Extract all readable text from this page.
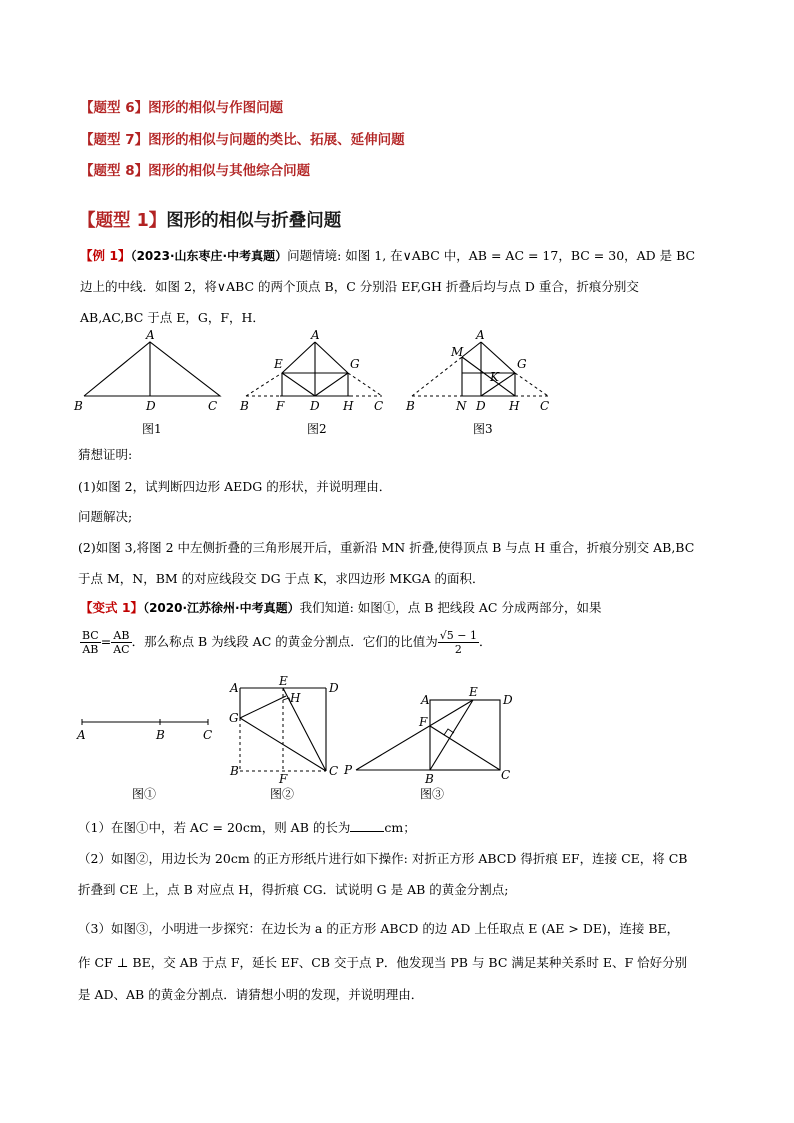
【题型 6】图形的相似与作图问题
【题型 7】图形的相似与问题的类比、拓展、延伸问题
【题型 8】图形的相似与其他综合问题
【题型 1】图形的相似与折叠问题
【例 1】（2023·山东枣庄·中考真题）问题情境: 如图 1, 在∨ABC 中，AB = AC = 17，BC = 30，AD 是 BC
边上的中线．如图 2，将∨ABC 的两个顶点 B，C 分别沿 EF,GH 折叠后均与点 D 重合，折痕分别交
AB,AC,BC 于点 E，G，F，H．
A
B	D	C
图1
A
E	G
B F D H C
图2
A
M
G
K
B	N D H C
图3
猜想证明:
(1)如图 2，试判断四边形 AEDG 的形状，并说明理由．
问题解决;
(2)如图 3,将图 2 中左侧折叠的三角形展开后，重新沿 MN 折叠,使得顶点 B 与点 H 重合，折痕分别交 AB,BC
于点 M，N，BM 的对应线段交 DG 于点 K，求四边形 MKGA 的面积．
【变式 1】（2020·江苏徐州·中考真题）我们知道: 如图①，点 B 把线段 AC 分成两部分，如果
$\frac{BC}{AB} = \frac{AB}{AC}$ ．那么称点 B 为线段 AC 的黄金分割点．它们的比值为 $\frac{√5 - 1}{2}$ ．
A	B	C
图①
A	E	D
H
G
B
F
C
图②
A
E
D
F
P
B	C
图③
（1）在图①中，若 AC = 20cm，则 AB 的长为	cm；
（2）如图②，用边长为 20cm 的正方形纸片进行如下操作: 对折正方形 ABCD 得折痕 EF，连接 CE，将 CB
折叠到 CE 上，点 B 对应点 H，得折痕 CG．试说明 G 是 AB 的黄金分割点;
（3）如图③，小明进一步探究：在边长为 a 的正方形 ABCD 的边 AD 上任取点 E (AE > DE)，连接 BE，
作 CF ⊥ BE，交 AB 于点 F，延长 EF、CB 交于点 P．他发现当 PB 与 BC 满足某种关系时 E、F 恰好分别
是 AD、AB 的黄金分割点．请猜想小明的发现，并说明理由．
